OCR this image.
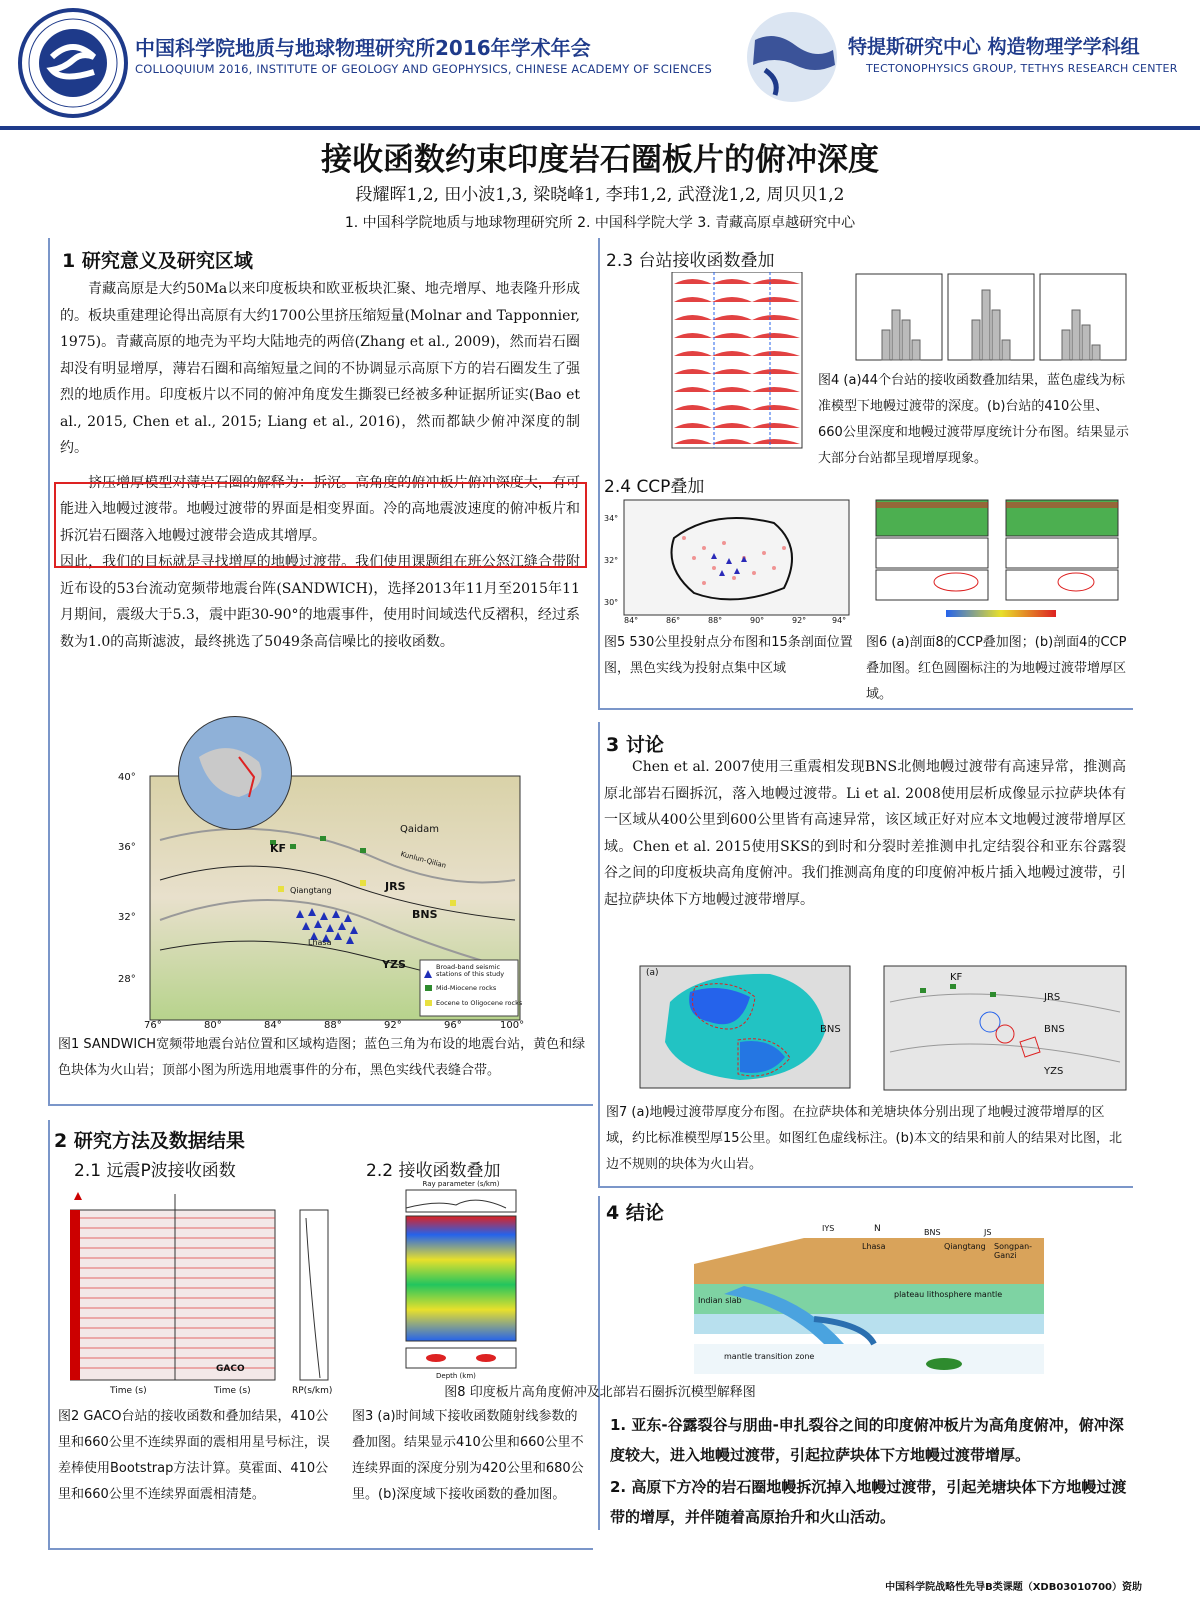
中国科学院地质与地球物理研究所2016年学术年会
COLLOQUIUM 2016, INSTITUTE OF GEOLOGY AND GEOPHYSICS, CHINESE ACADEMY OF SCIENCES
特提斯研究中心 构造物理学学科组
TECTONOPHYSICS GROUP, TETHYS RESEARCH CENTER
接收函数约束印度岩石圈板片的俯冲深度
段耀晖1,2, 田小波1,3, 梁晓峰1, 李玮1,2, 武澄泷1,2, 周贝贝1,2
1. 中国科学院地质与地球物理研究所 2. 中国科学院大学 3. 青藏高原卓越研究中心
1 研究意义及研究区域

青藏高原是大约50Ma以来印度板块和欧亚板块汇聚、地壳增厚、地表隆升形成的。板块重建理论得出高原有大约1700公里挤压缩短量(Molnar and Tapponnier, 1975)。青藏高原的地壳为平均大陆地壳的两倍(Zhang et al., 2009)，然而岩石圈却没有明显增厚，薄岩石圈和高缩短量之间的不协调显示高原下方的岩石圈发生了强烈的地质作用。印度板片以不同的俯冲角度发生撕裂已经被多种证据所证实(Bao et al., 2015, Chen et al., 2015; Liang et al., 2016)，然而都缺少俯冲深度的制约。

挤压增厚模型对薄岩石圈的解释为：拆沉。高角度的俯冲板片俯冲深度大，有可能进入地幔过渡带。地幔过渡带的界面是相变界面。冷的高地震波速度的俯冲板片和拆沉岩石圈落入地幔过渡带会造成其增厚。

因此，我们的目标就是寻找增厚的地幔过渡带。我们使用课题组在班公怒江缝合带附近布设的53台流动宽频带地震台阵(SANDWICH)，选择2013年11月至2015年11月期间，震级大于5.3，震中距30-90°的地震事件，使用时间域迭代反褶积，经过系数为1.0的高斯滤波，最终挑选了5049条高信噪比的接收函数。

40°
36°
32°
28°
76°	80°	84°	88°	92°	96°	100°
KF
Qaidam
JRS
Qiangtang
BNS
Lhasa
YZS
Kunlun-Qilian
Broad-band seismic stations of this study
Mid-Miocene rocks
Eocene to Oligocene rocks
图1 SANDWICH宽频带地震台站位置和区域构造图；蓝色三角为布设的地震台站，黄色和绿色块体为火山岩；顶部小图为所选用地震事件的分布，黑色实线代表缝合带。
2 研究方法及数据结果
2.1 远震P波接收函数	2.2 接收函数叠加
GACO
Time (s)	Time (s)	RP(s/km)
Ray parameter (s/km)
Depth (km)
图2 GACO台站的接收函数和叠加结果，410公里和660公里不连续界面的震相用星号标注，误差棒使用Bootstrap方法计算。莫霍面、410公里和660公里不连续界面震相清楚。
图3 (a)时间域下接收函数随射线参数的叠加图。结果显示410公里和660公里不连续界面的深度分别为420公里和680公里。(b)深度域下接收函数的叠加图。
2.3 台站接收函数叠加
图4 (a)44个台站的接收函数叠加结果，蓝色虚线为标准模型下地幔过渡带的深度。(b)台站的410公里、660公里深度和地幔过渡带厚度统计分布图。结果显示大部分台站都呈现增厚现象。
2.4 CCP叠加
34°
32°
30°
84°	86°	88°	90°	92°	94°
图5 530公里投射点分布图和15条剖面位置图，黑色实线为投射点集中区域
图6 (a)剖面8的CCP叠加图；(b)剖面4的CCP叠加图。红色圆圈标注的为地幔过渡带增厚区域。
3 讨论

Chen et al. 2007使用三重震相发现BNS北侧地幔过渡带有高速异常，推测高原北部岩石圈拆沉，落入地幔过渡带。Li et al. 2008使用层析成像显示拉萨块体有一区域从400公里到600公里皆有高速异常，该区域正好对应本文地幔过渡带增厚区域。Chen et al. 2015使用SKS的到时和分裂时差推测申扎定结裂谷和亚东谷露裂谷之间的印度板块高角度俯冲。我们推测高角度的印度俯冲板片插入地幔过渡带，引起拉萨块体下方地幔过渡带增厚。

(a)
BNS
KF
JRS
BNS
YZS
图7 (a)地幔过渡带厚度分布图。在拉萨块体和羌塘块体分别出现了地幔过渡带增厚的区域，约比标准模型厚15公里。如图红色虚线标注。(b)本文的结果和前人的结果对比图，北边不规则的块体为火山岩。
4 结论
IYS
Lhasa
BNS
Qiangtang Songpan-Ganzi
JS
plateau lithosphere mantle
Indian slab
mantle transition zone
N
图8 印度板片高角度俯冲及北部岩石圈拆沉模型解释图
1. 亚东-谷露裂谷与朋曲-申扎裂谷之间的印度俯冲板片为高角度俯冲，俯冲深度较大，进入地幔过渡带，引起拉萨块体下方地幔过渡带增厚。
2. 高原下方冷的岩石圈地幔拆沉掉入地幔过渡带，引起羌塘块体下方地幔过渡带的增厚，并伴随着高原抬升和火山活动。
中国科学院战略性先导B类课题（XDB03010700）资助
